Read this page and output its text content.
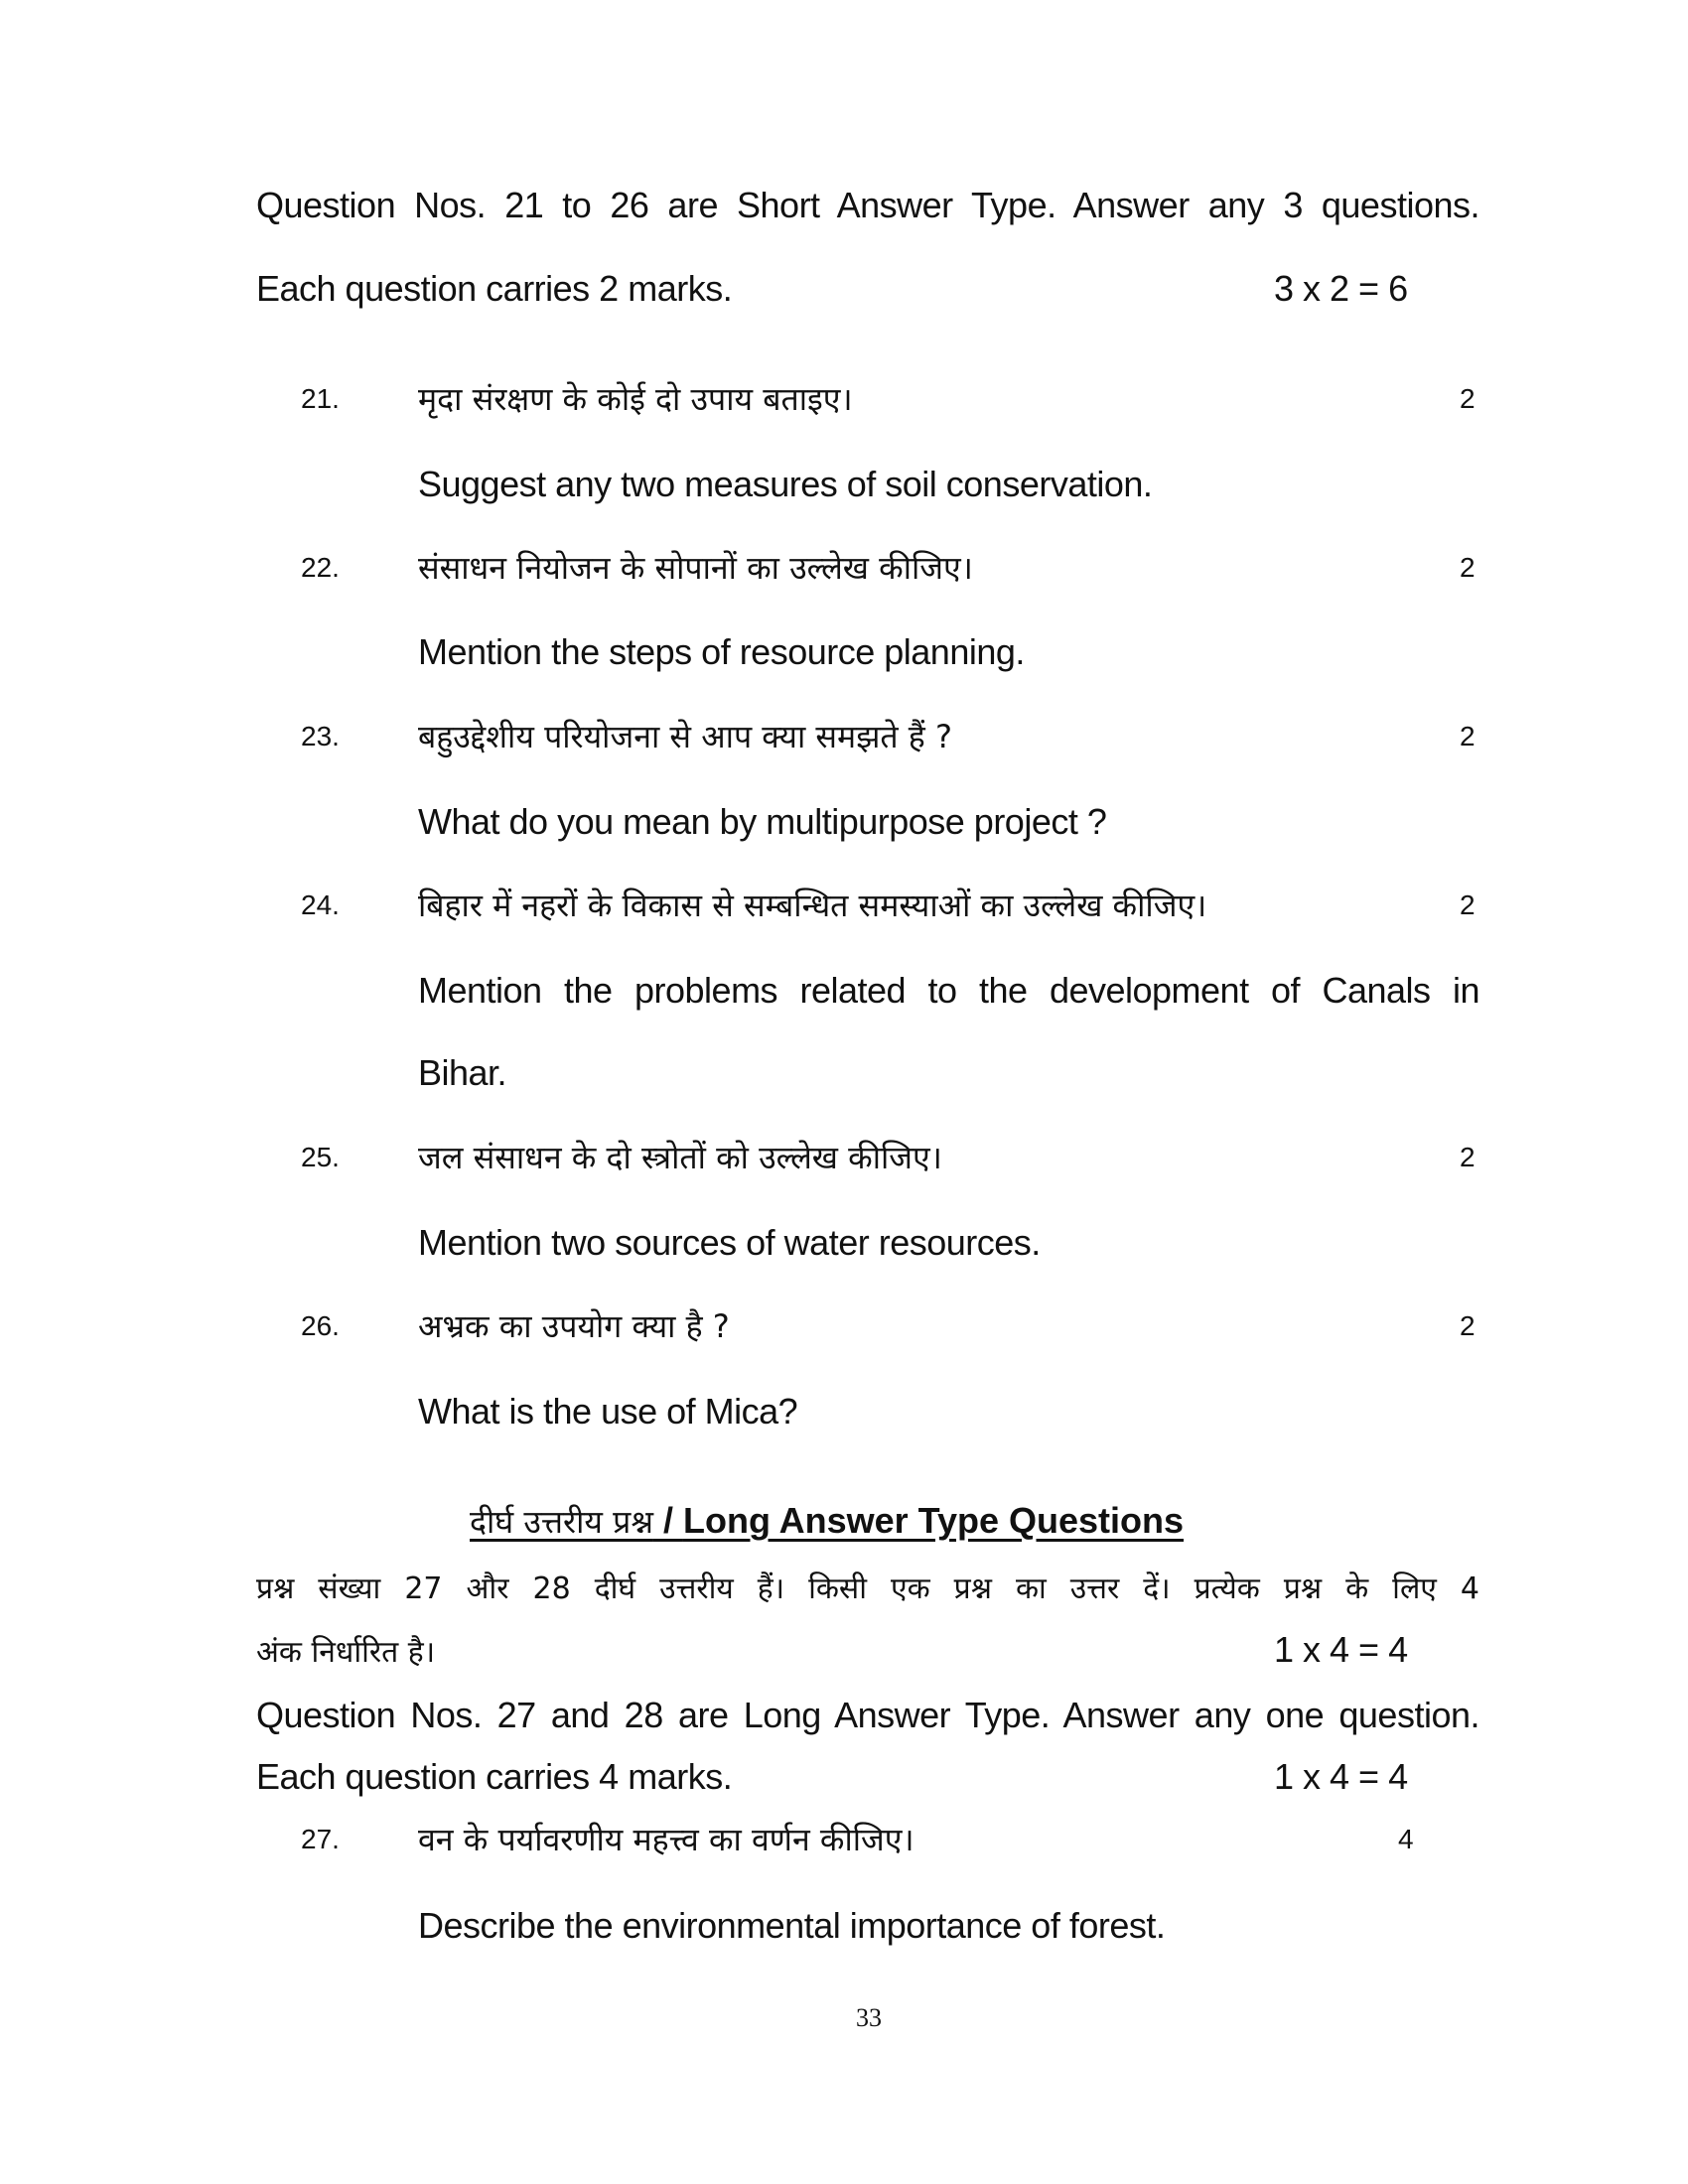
Question Nos. 21 to 26 are Short Answer Type. Answer any 3 questions.
Each question carries 2 marks.	3 x 2 = 6
21. मृदा संरक्षण के कोई दो उपाय बताइए।	2
Suggest any two measures of soil conservation.
22. संसाधन नियोजन के सोपानों का उल्लेख कीजिए।	2
Mention the steps of resource planning.
23. बहुउद्देशीय परियोजना से आप क्या समझते हैं ?	2
What do you mean by multipurpose project ?
24. बिहार में नहरों के विकास से सम्बन्धित समस्याओं का उल्लेख कीजिए।	2
Mention the problems related to the development of Canals in
Bihar.
25. जल संसाधन के दो स्त्रोतों को उल्लेख कीजिए।	2
Mention two sources of water resources.
26. अभ्रक का उपयोग क्या है ?	2
What is the use of Mica?
दीर्घ उत्तरीय प्रश्न / Long Answer Type Questions
प्रश्न संख्या 27 और 28 दीर्घ उत्तरीय हैं। किसी एक प्रश्न का उत्तर दें। प्रत्येक प्रश्न के लिए 4
अंक निर्धारित है।	1 x 4 = 4
Question Nos. 27 and 28 are Long Answer Type. Answer any one question.
Each question carries 4 marks.	1 x 4 = 4
27. वन के पर्यावरणीय महत्त्व का वर्णन कीजिए।	4
Describe the environmental importance of forest.
33
